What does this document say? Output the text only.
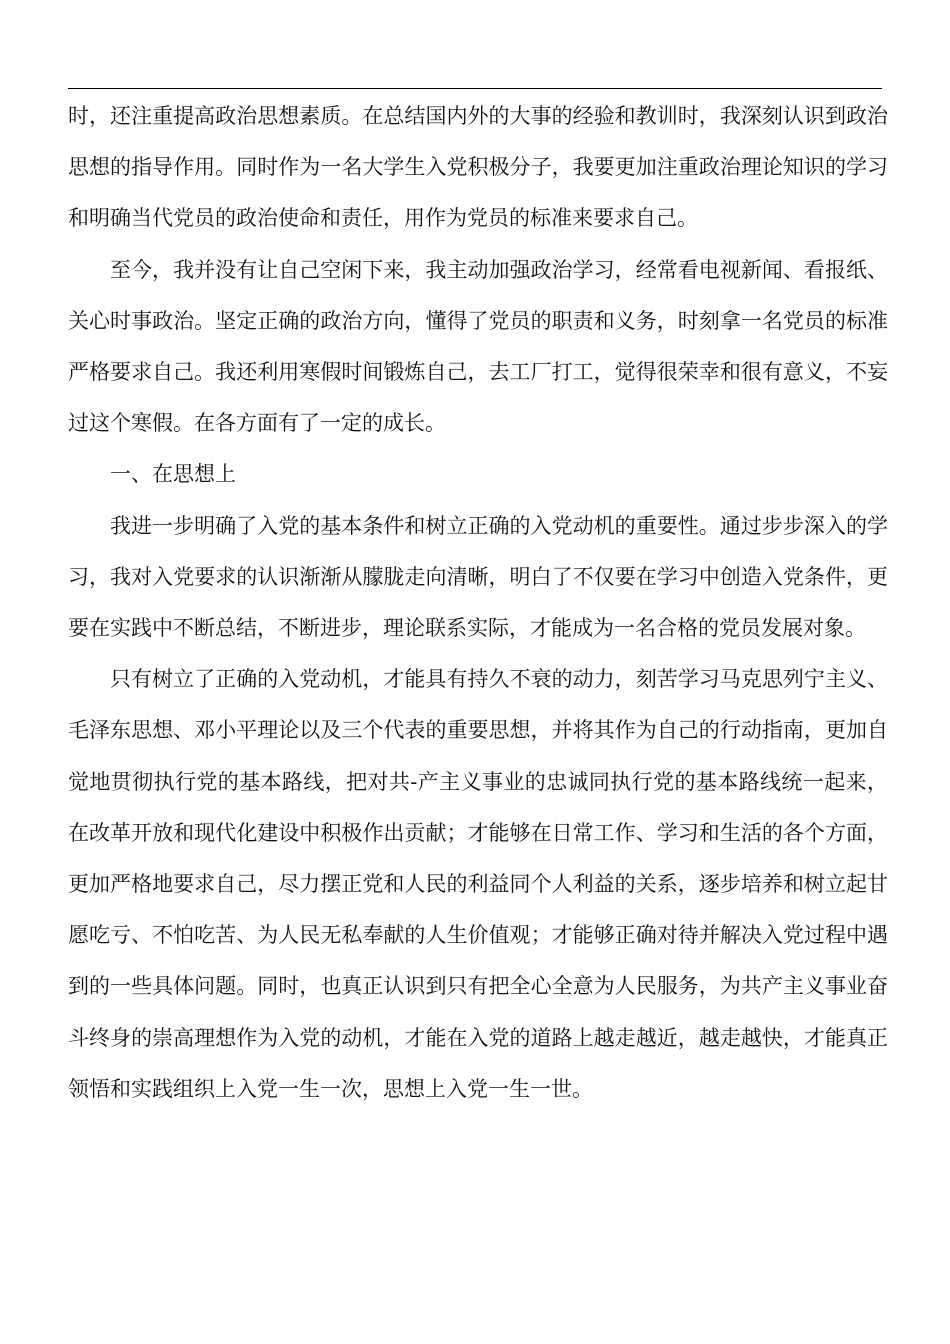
时，还注重提高政治思想素质。在总结国内外的大事的经验和教训时，我深刻认识到政治思想的指导作用。同时作为一名大学生入党积极分子，我要更加注重政治理论知识的学习和明确当代党员的政治使命和责任，用作为党员的标准来要求自己。

至今，我并没有让自己空闲下来，我主动加强政治学习，经常看电视新闻、看报纸、关心时事政治。坚定正确的政治方向，懂得了党员的职责和义务，时刻拿一名党员的标准严格要求自己。我还利用寒假时间锻炼自己，去工厂打工，觉得很荣幸和很有意义，不妄过这个寒假。在各方面有了一定的成长。

一、在思想上

我进一步明确了入党的基本条件和树立正确的入党动机的重要性。通过步步深入的学习，我对入党要求的认识渐渐从朦胧走向清晰，明白了不仅要在学习中创造入党条件，更要在实践中不断总结，不断进步，理论联系实际，才能成为一名合格的党员发展对象。

只有树立了正确的入党动机，才能具有持久不衰的动力，刻苦学习马克思列宁主义、毛泽东思想、邓小平理论以及三个代表的重要思想，并将其作为自己的行动指南，更加自觉地贯彻执行党的基本路线，把对共-产主义事业的忠诚同执行党的基本路线统一起来，在改革开放和现代化建设中积极作出贡献；才能够在日常工作、学习和生活的各个方面，更加严格地要求自己，尽力摆正党和人民的利益同个人利益的关系，逐步培养和树立起甘愿吃亏、不怕吃苦、为人民无私奉献的人生价值观；才能够正确对待并解决入党过程中遇到的一些具体问题。同时，也真正认识到只有把全心全意为人民服务，为共产主义事业奋斗终身的崇高理想作为入党的动机，才能在入党的道路上越走越近，越走越快，才能真正领悟和实践组织上入党一生一次，思想上入党一生一世。
